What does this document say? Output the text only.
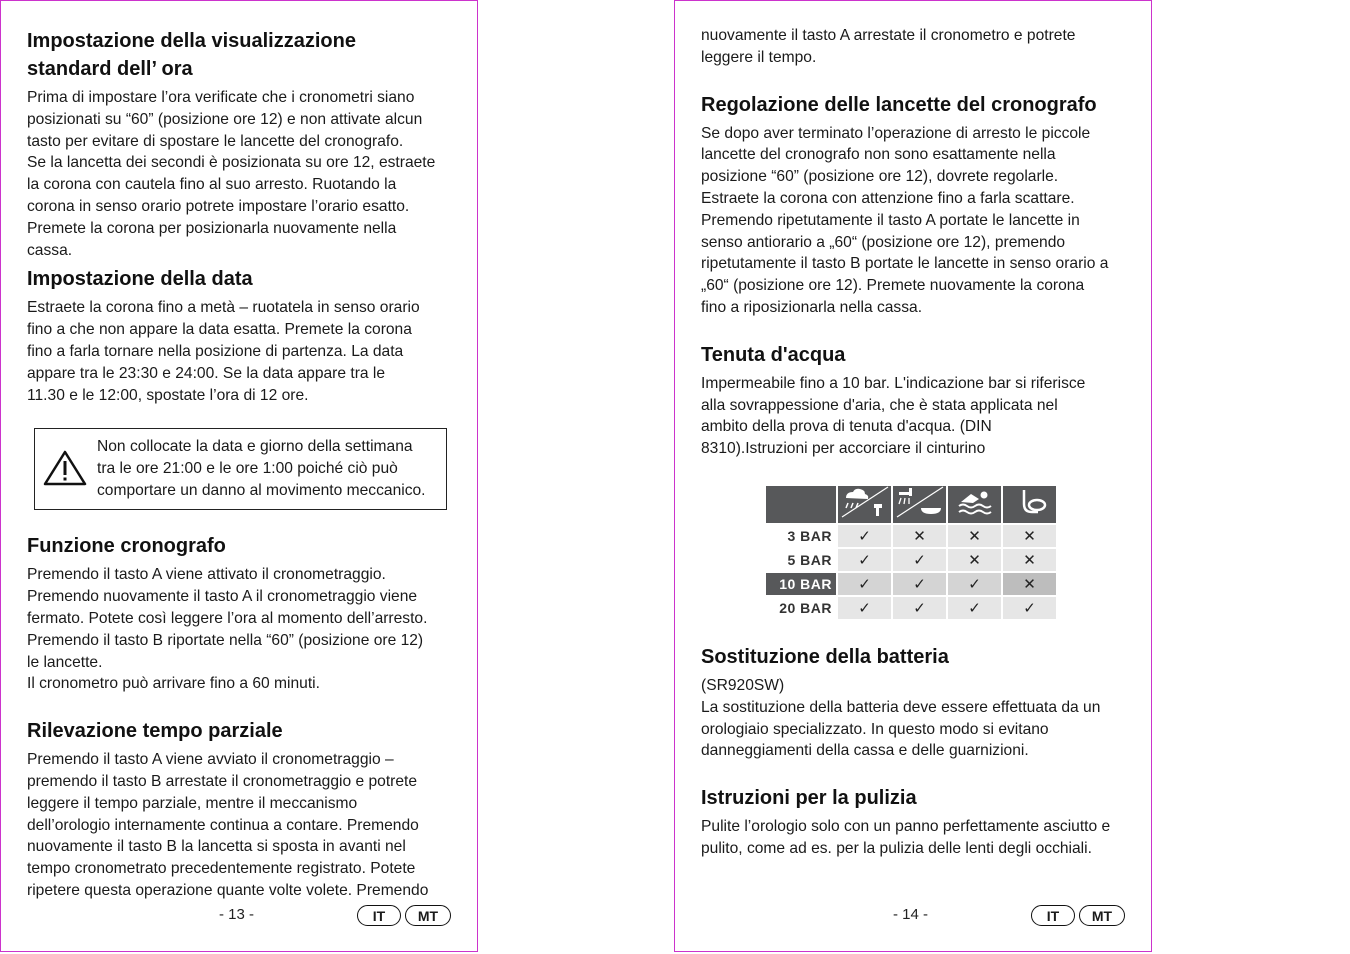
Impostazione della visualizzazione
standard dell’ ora

Prima di impostare l’ora verificate che i cronometri siano
posizionati su “60” (posizione ore 12) e non attivate alcun
tasto per evitare di spostare le lancette del cronografo.
Se la lancetta dei secondi è posizionata su ore 12, estraete
la corona con cautela fino al suo arresto. Ruotando la
corona in senso orario potrete impostare l’orario esatto.
Premete la corona per posizionarla nuovamente nella
cassa.

Impostazione della data

Estraete la corona fino a metà – ruotatela in senso orario
fino a che non appare la data esatta. Premete la corona
fino a farla tornare nella posizione di partenza. La data
appare tra le 23:30 e 24:00. Se la data appare tra le
11.30 e le 12:00, spostate l’ora di 12 ore.

Non collocate la data e giorno della settimana
tra le ore 21:00 e le ore 1:00 poiché ciò può
comportare un danno al movimento meccanico.

Funzione cronografo

Premendo il tasto A viene attivato il cronometraggio.
Premendo nuovamente il tasto A il cronometraggio viene
fermato. Potete così leggere l’ora al momento dell’arresto.
Premendo il tasto B riportate nella “60” (posizione ore 12)
le lancette.
Il cronometro può arrivare fino a 60 minuti.

Rilevazione tempo parziale

Premendo il tasto A viene avviato il cronometraggio –
premendo il tasto B arrestate il cronometraggio e potrete
leggere il tempo parziale, mentre il meccanismo
dell’orologio internamente continua a contare. Premendo
nuovamente il tasto B la lancetta si sposta in avanti nel
tempo cronometrato precedentemente registrato. Potete
ripetere questa operazione quante volte volete. Premendo

- 13 -	IT	MT

nuovamente il tasto A arrestate il cronometro e potrete
leggere il tempo.

Regolazione delle lancette del cronografo

Se dopo aver terminato l’operazione di arresto le piccole
lancette del cronografo non sono esattamente nella
posizione “60” (posizione ore 12), dovrete regolarle.
Estraete la corona con attenzione fino a farla scattare.
Premendo ripetutamente il tasto A portate le lancette in
senso antiorario a „60“ (posizione ore 12), premendo
ripetutamente il tasto B portate le lancette in senso orario a
„60“ (posizione ore 12). Premete nuovamente la corona
fino a riposizionarla nella cassa.

Tenuta d'acqua

Impermeabile fino a 10 bar. L'indicazione bar si riferisce
alla sovrappessione d'aria, che è stata applicata nel
ambito della prova di tenuta d'acqua. (DIN
8310).Istruzioni per accorciare il cinturino

3 BAR	✓	✕	✕	✕
5 BAR	✓	✓	✕	✕
10 BAR	✓	✓	✓	✕
20 BAR	✓	✓	✓	✓
Sostituzione della batteria

(SR920SW)
La sostituzione della batteria deve essere effettuata da un
orologiaio specializzato. In questo modo si evitano
danneggiamenti della cassa e delle guarnizioni.

Istruzioni per la pulizia

Pulite l’orologio solo con un panno perfettamente asciutto e
pulito, come ad es. per la pulizia delle lenti degli occhiali.

- 14 -	IT	MT
